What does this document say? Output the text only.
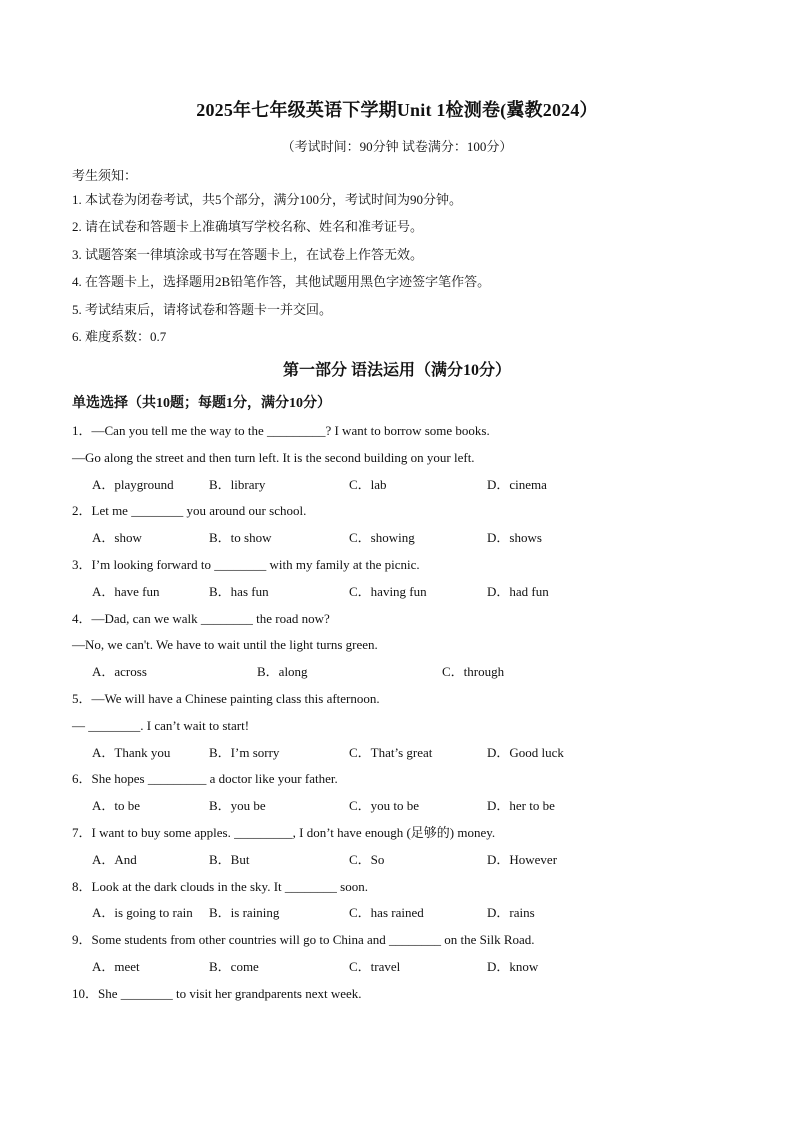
2025年七年级英语下学期Unit 1检测卷(冀教2024）
（考试时间：90分钟 试卷满分：100分）
考生须知：
1. 本试卷为闭卷考试，共5个部分，满分100分，考试时间为90分钟。
2. 请在试卷和答题卡上准确填写学校名称、姓名和准考证号。
3. 试题答案一律填涂或书写在答题卡上，在试卷上作答无效。
4. 在答题卡上，选择题用2B铅笔作答，其他试题用黑色字迹签字笔作答。
5. 考试结束后，请将试卷和答题卡一并交回。
6. 难度系数：0.7
第一部分 语法运用（满分10分）
单选选择（共10题；每题1分，满分10分）
1．—Can you tell me the way to the _________? I want to borrow some books.
—Go along the street and then turn left. It is the second building on your left.
A．playground	B．library	C．lab	D．cinema
2．Let me ________ you around our school.
A．show	B．to show	C．showing	D．shows
3．I’m looking forward to ________ with my family at the picnic.
A．have fun	B．has fun	C．having fun	D．had fun
4．—Dad, can we walk ________ the road now?
—No, we can't. We have to wait until the light turns green.
A．across	B．along	C．through
5．—We will have a Chinese painting class this afternoon.
— ________. I can’t wait to start!
A．Thank you	B．I’m sorry	C．That’s great	D．Good luck
6．She hopes _________ a doctor like your father.
A．to be	B．you be	C．you to be	D．her to be
7．I want to buy some apples. _________, I don’t have enough (足够的) money.
A．And	B．But	C．So	D．However
8．Look at the dark clouds in the sky. It ________ soon.
A．is going to rain B．is raining	C．has rained	D．rains
9．Some students from other countries will go to China and ________ on the Silk Road.
A．meet	B．come	C．travel	D．know
10．She ________ to visit her grandparents next week.
